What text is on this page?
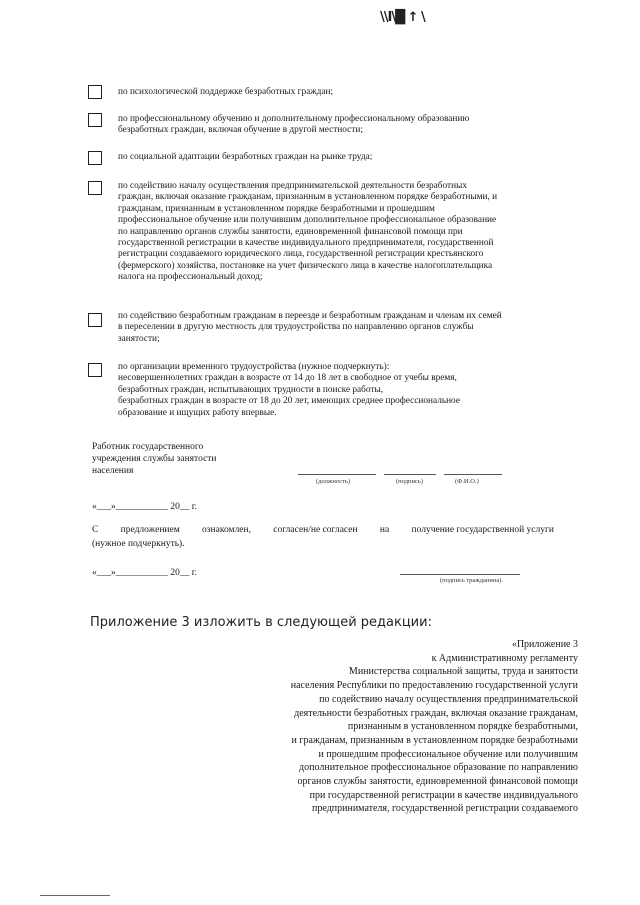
\\I\█ ↑ \
по психологической поддержке безработных граждан;
по профессиональному обучению и дополнительному профессиональному образованию
безработных граждан, включая обучение в другой местности;
по социальной адаптации безработных граждан на рынке труда;
по содействию началу осуществления предпринимательской деятельности безработных
граждан, включая оказание гражданам, признанным в установленном порядке безработными, и
гражданам, признанным в установленном порядке безработными и прошедшим
профессиональное обучение или получившим дополнительное профессиональное образование
по направлению органов службы занятости, единовременной финансовой помощи при
государственной регистрации в качестве индивидуального предпринимателя, государственной
регистрации создаваемого юридического лица, государственной регистрации крестьянского
(фермерского) хозяйства, постановке на учет физического лица в качестве налогоплательщика
налога на профессиональный доход;
по содействию безработным гражданам в переезде и безработным гражданам и членам их семей
в переселении в другую местность для трудоустройства по направлению органов службы
занятости;
по организации временного трудоустройства (нужное подчеркнуть):
несовершеннолетних граждан в возрасте от 14 до 18 лет в свободное от учебы время,
безработных граждан, испытывающих трудности в поиске работы,
безработных граждан в возрасте от 18 до 20 лет, имеющих среднее профессиональное
образование и ищущих работу впервые.
Работник государственного
учреждения службы занятости
населения
(должность)	(подпись)	(Ф.И.О.)
«___»___________ 20__ г.
С предложением ознакомлен, согласен/не согласен на получение государственной услуги
(нужное подчеркнуть).
«___»___________ 20__ г.
(подпись гражданина).
Приложение 3 изложить в следующей редакции:
«Приложение 3
к Административному регламенту
Министерства социальной защиты, труда и занятости
населения Республики по предоставлению государственной услуги
по содействию началу осуществления предпринимательской
деятельности безработных граждан, включая оказание гражданам,
признанным в установленном порядке безработными,
и гражданам, признанным в установленном порядке безработными
и прошедшим профессиональное обучение или получившим
дополнительное профессиональное образование по направлению
органов службы занятости, единовременной финансовой помощи
при государственной регистрации в качестве индивидуального
предпринимателя, государственной регистрации создаваемого
